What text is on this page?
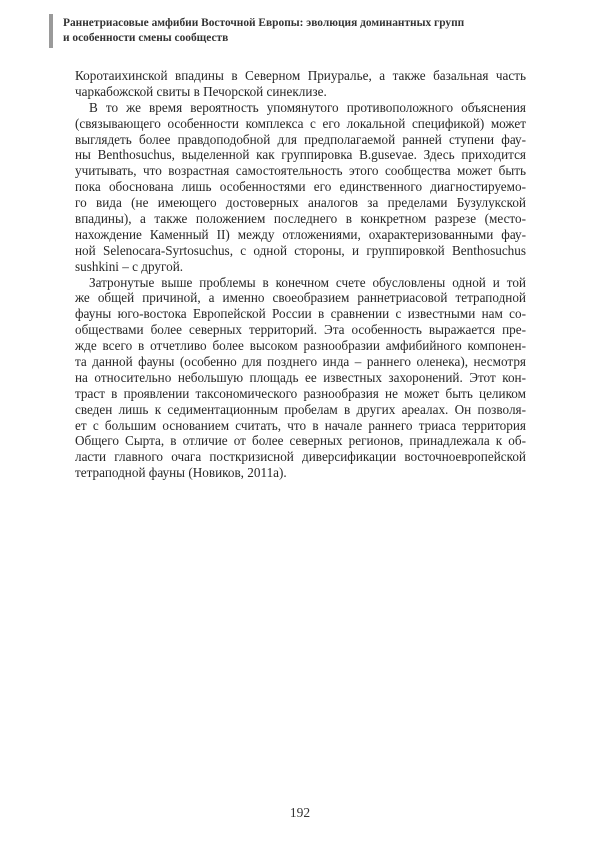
Раннетриасовые амфибии Восточной Европы: эволюция доминантных групп
и особенности смены сообществ
Коротаихинской впадины в Северном Приуралье, а также базальная часть
чаркабожской свиты в Печорской синеклизе.
В то же время вероятность упомянутого противоположного объяснения
(связывающего особенности комплекса с его локальной спецификой) может
выглядеть более правдоподобной для предполагаемой ранней ступени фау-
ны Benthosuchus, выделенной как группировка B.gusevae. Здесь приходится
учитывать, что возрастная самостоятельность этого сообщества может быть
пока обоснована лишь особенностями его единственного диагностируемо-
го вида (не имеющего достоверных аналогов за пределами Бузулукской
впадины), а также положением последнего в конкретном разрезе (место-
нахождение Каменный II) между отложениями, охарактеризованными фау-
ной Selenocara-Syrtosuchus, с одной стороны, и группировкой Benthosuchus
sushkini – с другой.
Затронутые выше проблемы в конечном счете обусловлены одной и той
же общей причиной, а именно своеобразием раннетриасовой тетраподной
фауны юго-востока Европейской России в сравнении с известными нам со-
обществами более северных территорий. Эта особенность выражается пре-
жде всего в отчетливо более высоком разнообразии амфибийного компонен-
та данной фауны (особенно для позднего инда – раннего оленека), несмотря
на относительно небольшую площадь ее известных захоронений. Этот кон-
траст в проявлении таксономического разнообразия не может быть целиком
сведен лишь к седиментационным пробелам в других ареалах. Он позволя-
ет с большим основанием считать, что в начале раннего триаса территория
Общего Сырта, в отличие от более северных регионов, принадлежала к об-
ласти главного очага посткризисной диверсификации восточноевропейской
тетраподной фауны (Новиков, 2011а).
192
